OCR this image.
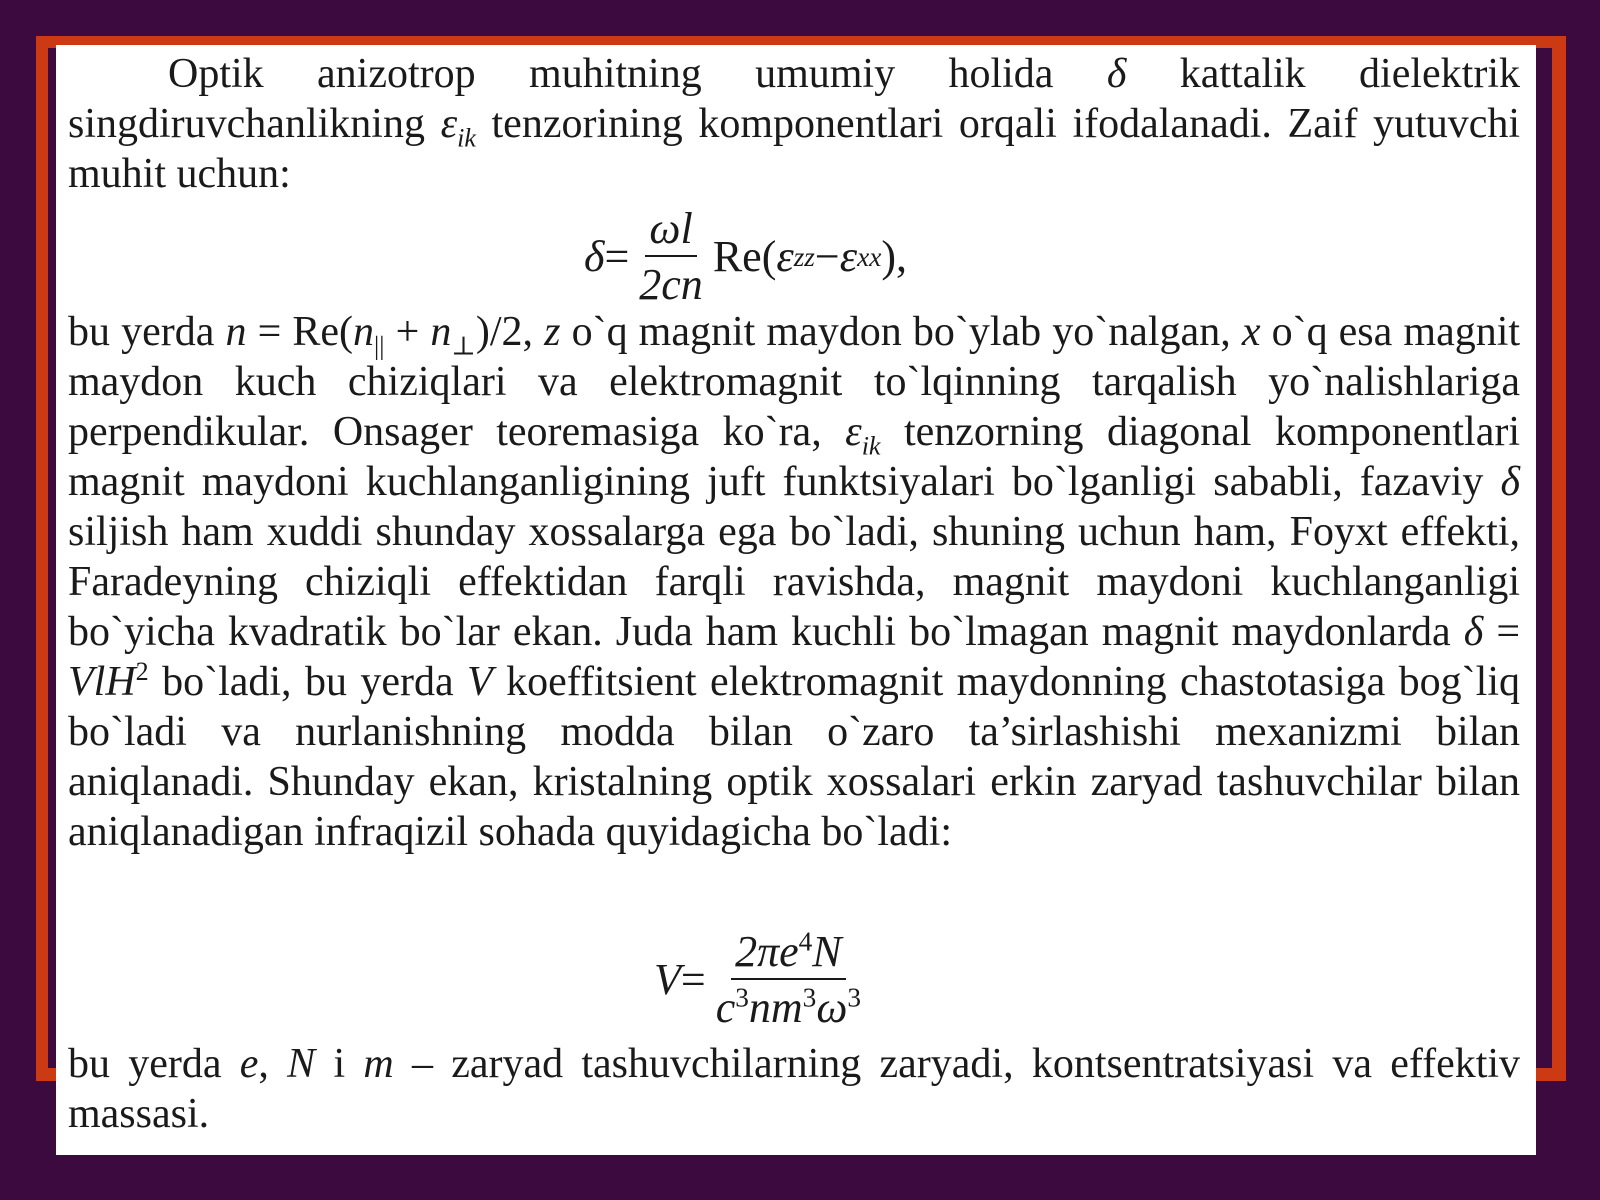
Optik anizotrop muhitning umumiy holida δ kattalik dielektrik singdiruvchanlikning $\varepsilon_{ik}$ tenzorining komponentlari orqali ifodalanadi. Zaif yutuvchi muhit uchun:

$\delta = \frac{\omega l}{2cn} Re$( ε zz − ε xx ),

bu yerda $n = Re(n_{||} + n_\perp)/2$, z o`q magnit maydon bo`ylab yo`nalgan, x o`q esa magnit maydon kuch chiziqlari va elektromagnit to`lqinning tarqalish yo`nalishlariga perpendikular. Onsager teoremasiga ko`ra, $\varepsilon_{ik}$ tenzorning diagonal komponentlari magnit maydoni kuchlanganligining juft funktsiyalari bo`lganligi sababli, fazaviy δ siljish ham xuddi shunday xossalarga ega bo`ladi, shuning uchun ham, Foyxt effekti, Faradeyning chiziqli effektidan farqli ravishda, magnit maydoni kuchlanganligi bo`yicha kvadratik bo`lar ekan. Juda ham kuchli bo`lmagan magnit maydonlarda δ = VlH$^2$ bo`ladi, bu yerda V koeffitsient elektromagnit maydonning chastotasiga bog`liq bo`ladi va nurlanishning modda bilan o`zaro ta’sirlashishi mexanizmi bilan aniqlanadi. Shunday ekan, kristalning optik xossalari erkin zaryad tashuvchilar bilan aniqlanadigan infraqizil sohada quyidagicha bo`ladi:

$V = \frac{2\pi e^4N}{c^3nm^3\omega^3}$

bu yerda e, N i m – zaryad tashuvchilarning zaryadi, kontsentratsiyasi va effektiv massasi.
